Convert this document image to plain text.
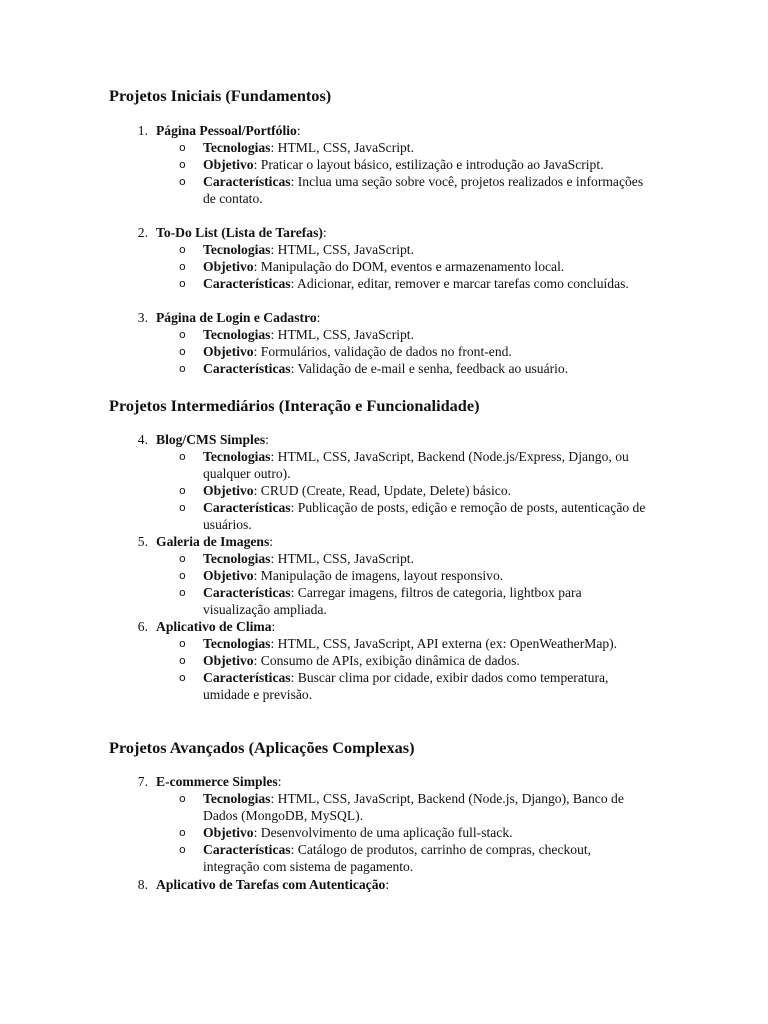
Projetos Iniciais (Fundamentos)
1. Página Pessoal/Portfólio:
o Tecnologias: HTML, CSS, JavaScript.
o Objetivo: Praticar o layout básico, estilização e introdução ao JavaScript.
o Características: Inclua uma seção sobre você, projetos realizados e informações de contato.
2. To-Do List (Lista de Tarefas):
o Tecnologias: HTML, CSS, JavaScript.
o Objetivo: Manipulação do DOM, eventos e armazenamento local.
o Características: Adicionar, editar, remover e marcar tarefas como concluídas.
3. Página de Login e Cadastro:
o Tecnologias: HTML, CSS, JavaScript.
o Objetivo: Formulários, validação de dados no front-end.
o Características: Validação de e-mail e senha, feedback ao usuário.
Projetos Intermediários (Interação e Funcionalidade)
4. Blog/CMS Simples:
o Tecnologias: HTML, CSS, JavaScript, Backend (Node.js/Express, Django, ou qualquer outro).
o Objetivo: CRUD (Create, Read, Update, Delete) básico.
o Características: Publicação de posts, edição e remoção de posts, autenticação de usuários.
5. Galeria de Imagens:
o Tecnologias: HTML, CSS, JavaScript.
o Objetivo: Manipulação de imagens, layout responsivo.
o Características: Carregar imagens, filtros de categoria, lightbox para visualização ampliada.
6. Aplicativo de Clima:
o Tecnologias: HTML, CSS, JavaScript, API externa (ex: OpenWeatherMap).
o Objetivo: Consumo de APIs, exibição dinâmica de dados.
o Características: Buscar clima por cidade, exibir dados como temperatura, umidade e previsão.
Projetos Avançados (Aplicações Complexas)
7. E-commerce Simples:
o Tecnologias: HTML, CSS, JavaScript, Backend (Node.js, Django), Banco de Dados (MongoDB, MySQL).
o Objetivo: Desenvolvimento de uma aplicação full-stack.
o Características: Catálogo de produtos, carrinho de compras, checkout, integração com sistema de pagamento.
8. Aplicativo de Tarefas com Autenticação:
